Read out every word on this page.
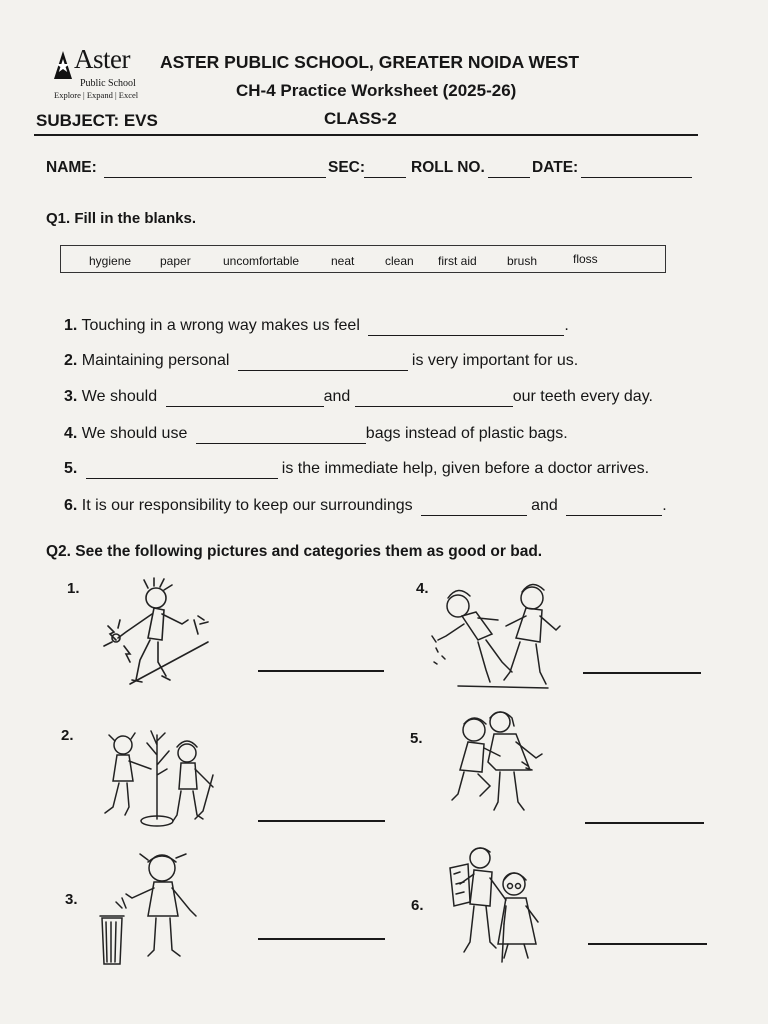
Aster
Public School
Explore | Expand | Excel
ASTER PUBLIC SCHOOL, GREATER NOIDA WEST
CH-4 Practice Worksheet (2025-26)
SUBJECT: EVS	CLASS-2
NAME:	SEC:	ROLL NO.	DATE:
Q1. Fill in the blanks.
hygiene paper	uncomfortable	neat	clean first aid	brush	floss
1. Touching in a wrong way makes us feel	.
2. Maintaining personal	is very important for us.
3. We should	and	our teeth every day.
4. We should use	bags instead of plastic bags.
5.	is the immediate help, given before a doctor arrives.
6. It is our responsibility to keep our surroundings	and	.
Q2. See the following pictures and categories them as good or bad.
1.
2.
3.
4.
5.
6.
